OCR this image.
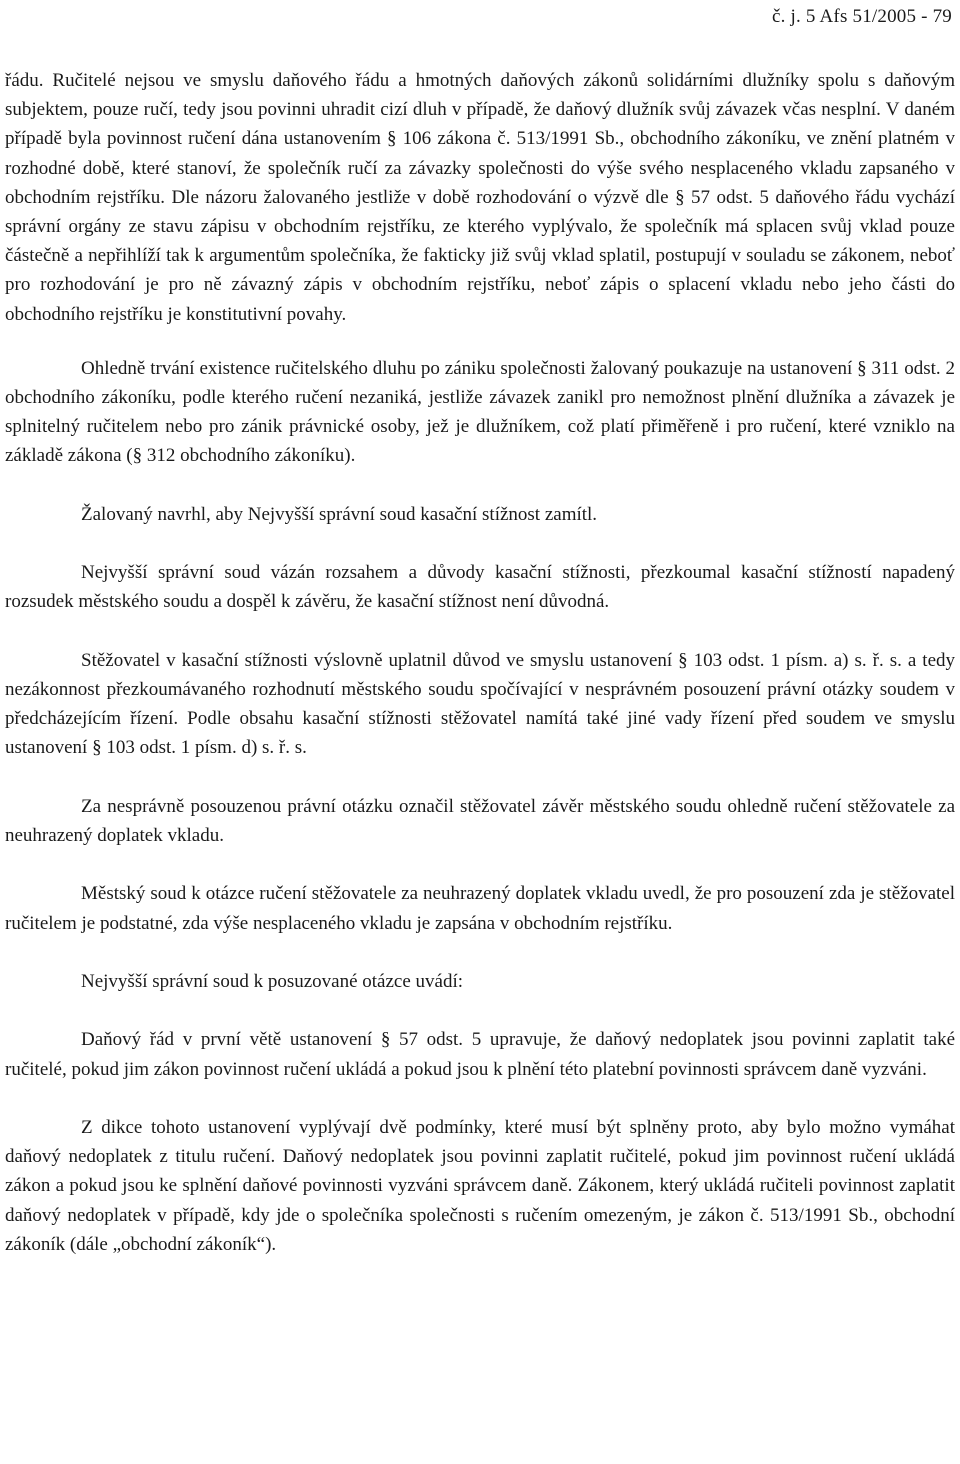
č. j. 5 Afs 51/2005 - 79

řádu. Ručitelé nejsou ve smyslu daňového řádu a hmotných daňových zákonů solidárními dlužníky spolu s daňovým subjektem, pouze ručí, tedy jsou povinni uhradit cizí dluh v případě, že daňový dlužník svůj závazek včas nesplní. V daném případě byla povinnost ručení dána ustanovením § 106 zákona č. 513/1991 Sb., obchodního zákoníku, ve znění platném v rozhodné době, které stanoví, že společník ručí za závazky společnosti do výše svého nesplaceného vkladu zapsaného v obchodním rejstříku. Dle názoru žalovaného jestliže v době rozhodování o výzvě dle § 57 odst. 5 daňového řádu vychází správní orgány ze stavu zápisu v obchodním rejstříku, ze kterého vyplývalo, že společník má splacen svůj vklad pouze částečně a nepřihlíží tak k argumentům společníka, že fakticky již svůj vklad splatil, postupují v souladu se zákonem, neboť pro rozhodování je pro ně závazný zápis v obchodním rejstříku, neboť zápis o splacení vkladu nebo jeho části do obchodního rejstříku je konstitutivní povahy.

Ohledně trvání existence ručitelského dluhu po zániku společnosti žalovaný poukazuje na ustanovení § 311 odst. 2 obchodního zákoníku, podle kterého ručení nezaniká, jestliže závazek zanikl pro nemožnost plnění dlužníka a závazek je splnitelný ručitelem nebo pro zánik právnické osoby, jež je dlužníkem, což platí přiměřeně i pro ručení, které vzniklo na základě zákona (§ 312 obchodního zákoníku).

Žalovaný navrhl, aby Nejvyšší správní soud kasační stížnost zamítl.

Nejvyšší správní soud vázán rozsahem a důvody kasační stížnosti, přezkoumal kasační stížností napadený rozsudek městského soudu a dospěl k závěru, že kasační stížnost není důvodná.

Stěžovatel v kasační stížnosti výslovně uplatnil důvod ve smyslu ustanovení § 103 odst. 1 písm. a) s. ř. s. a tedy nezákonnost přezkoumávaného rozhodnutí městského soudu spočívající v nesprávném posouzení právní otázky soudem v předcházejícím řízení. Podle obsahu kasační stížnosti stěžovatel namítá také jiné vady řízení před soudem ve smyslu ustanovení § 103 odst. 1 písm. d) s. ř. s.

Za nesprávně posouzenou právní otázku označil stěžovatel závěr městského soudu ohledně ručení stěžovatele za neuhrazený doplatek vkladu.

Městský soud k otázce ručení stěžovatele za neuhrazený doplatek vkladu uvedl, že pro posouzení zda je stěžovatel ručitelem je podstatné, zda výše nesplaceného vkladu je zapsána v obchodním rejstříku.

Nejvyšší správní soud k posuzované otázce uvádí:

Daňový řád v první větě ustanovení § 57 odst. 5 upravuje, že daňový nedoplatek jsou povinni zaplatit také ručitelé, pokud jim zákon povinnost ručení ukládá a pokud jsou k plnění této platební povinnosti správcem daně vyzváni.

Z dikce tohoto ustanovení vyplývají dvě podmínky, které musí být splněny proto, aby bylo možno vymáhat daňový nedoplatek z titulu ručení. Daňový nedoplatek jsou povinni zaplatit ručitelé, pokud jim povinnost ručení ukládá zákon a pokud jsou ke splnění daňové povinnosti vyzváni správcem daně. Zákonem, který ukládá ručiteli povinnost zaplatit daňový nedoplatek v případě, kdy jde o společníka společnosti s ručením omezeným, je zákon č. 513/1991 Sb., obchodní zákoník (dále „obchodní zákoník“).
